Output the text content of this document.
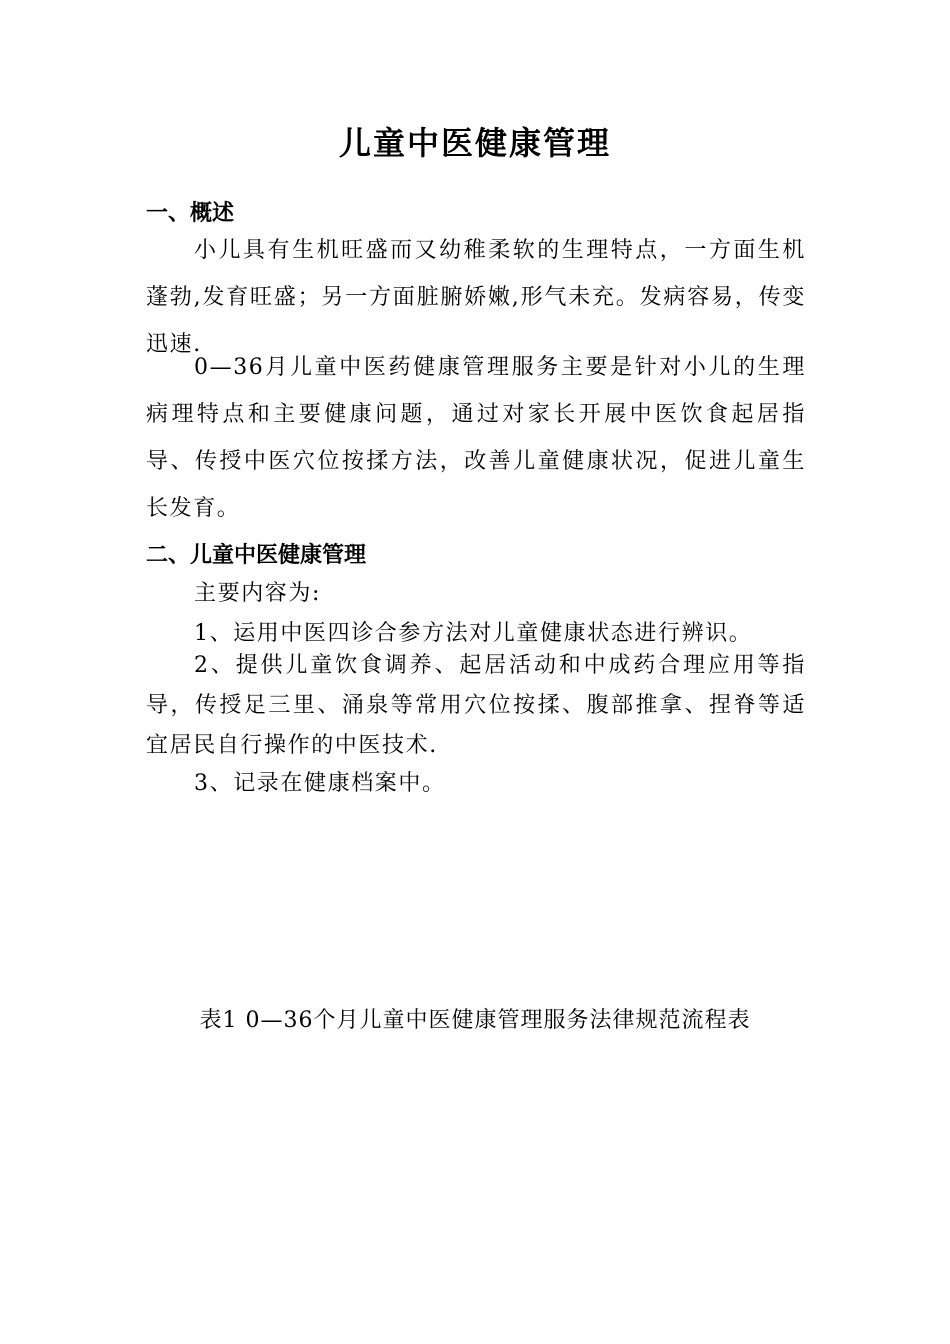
儿童中医健康管理
一、概述

小儿具有生机旺盛而又幼稚柔软的生理特点，一方面生机蓬勃,发育旺盛；另一方面脏腑娇嫩,形气未充。发病容易，传变迅速.

0—36月儿童中医药健康管理服务主要是针对小儿的生理病理特点和主要健康问题，通过对家长开展中医饮食起居指导、传授中医穴位按揉方法，改善儿童健康状况，促进儿童生长发育。

二、儿童中医健康管理

主要内容为:

1、运用中医四诊合参方法对儿童健康状态进行辨识。

2、提供儿童饮食调养、起居活动和中成药合理应用等指导，传授足三里、涌泉等常用穴位按揉、腹部推拿、捏脊等适宜居民自行操作的中医技术.

3、记录在健康档案中。

表1 0—36个月儿童中医健康管理服务法律规范流程表
